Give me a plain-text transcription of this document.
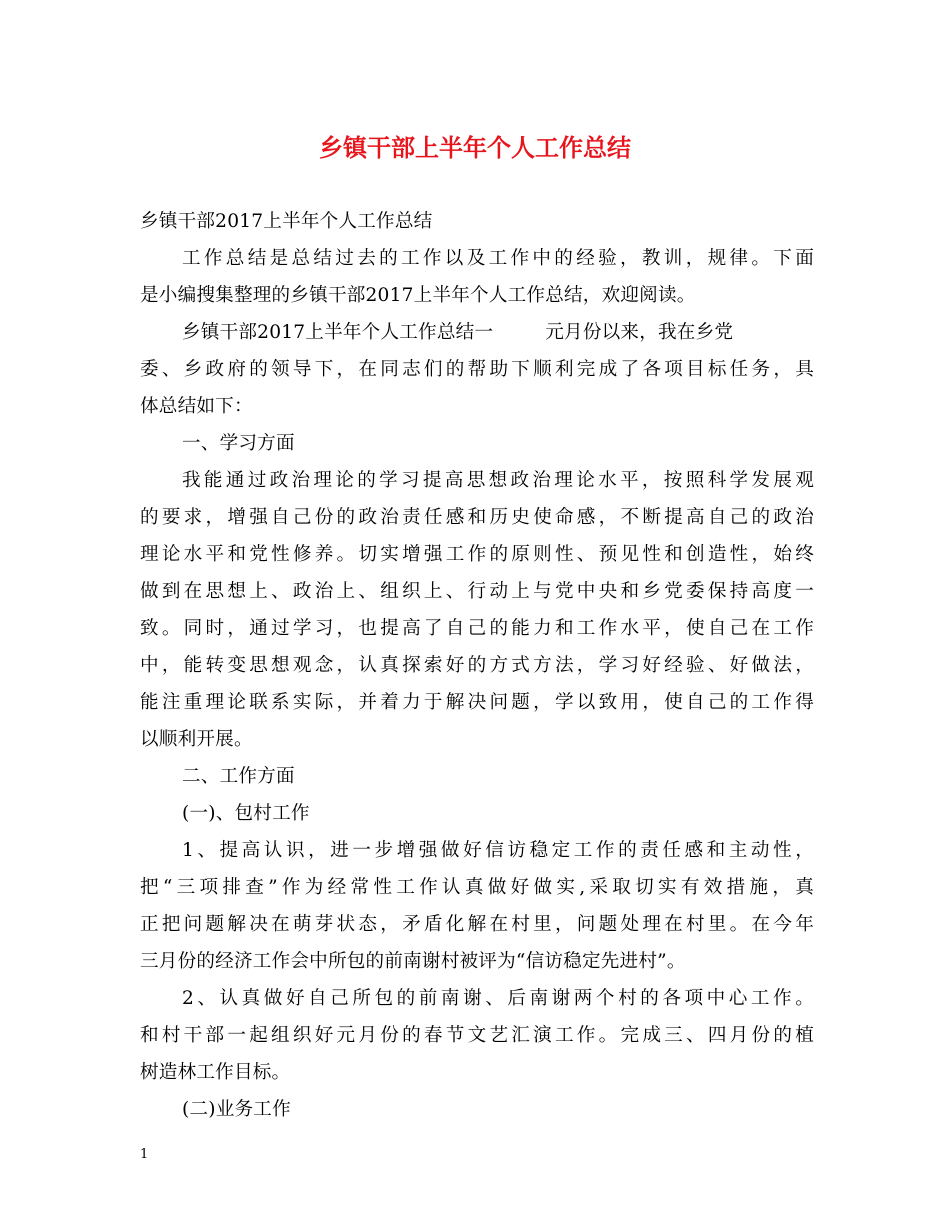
乡镇干部上半年个人工作总结
乡镇干部2017上半年个人工作总结
工作总结是总结过去的工作以及工作中的经验，教训，规律。下面
是小编搜集整理的乡镇干部2017上半年个人工作总结，欢迎阅读。
乡镇干部2017上半年个人工作总结一	元月份以来，我在乡党
委、乡政府的领导下，在同志们的帮助下顺利完成了各项目标任务，具
体总结如下：
一、学习方面
我能通过政治理论的学习提高思想政治理论水平，按照科学发展观
的要求，增强自己份的政治责任感和历史使命感，不断提高自己的政治
理论水平和党性修养。切实增强工作的原则性、预见性和创造性，始终
做到在思想上、政治上、组织上、行动上与党中央和乡党委保持高度一
致。同时，通过学习，也提高了自己的能力和工作水平，使自己在工作
中，能转变思想观念，认真探索好的方式方法，学习好经验、好做法，
能注重理论联系实际，并着力于解决问题，学以致用，使自己的工作得
以顺利开展。
二、工作方面
(一)、包村工作
1、提高认识，进一步增强做好信访稳定工作的责任感和主动性，
把“三项排查”作为经常性工作认真做好做实,采取切实有效措施，真
正把问题解决在萌芽状态，矛盾化解在村里，问题处理在村里。在今年
三月份的经济工作会中所包的前南谢村被评为“信访稳定先进村”。
2、认真做好自己所包的前南谢、后南谢两个村的各项中心工作。
和村干部一起组织好元月份的春节文艺汇演工作。完成三、四月份的植
树造林工作目标。
(二)业务工作
1
